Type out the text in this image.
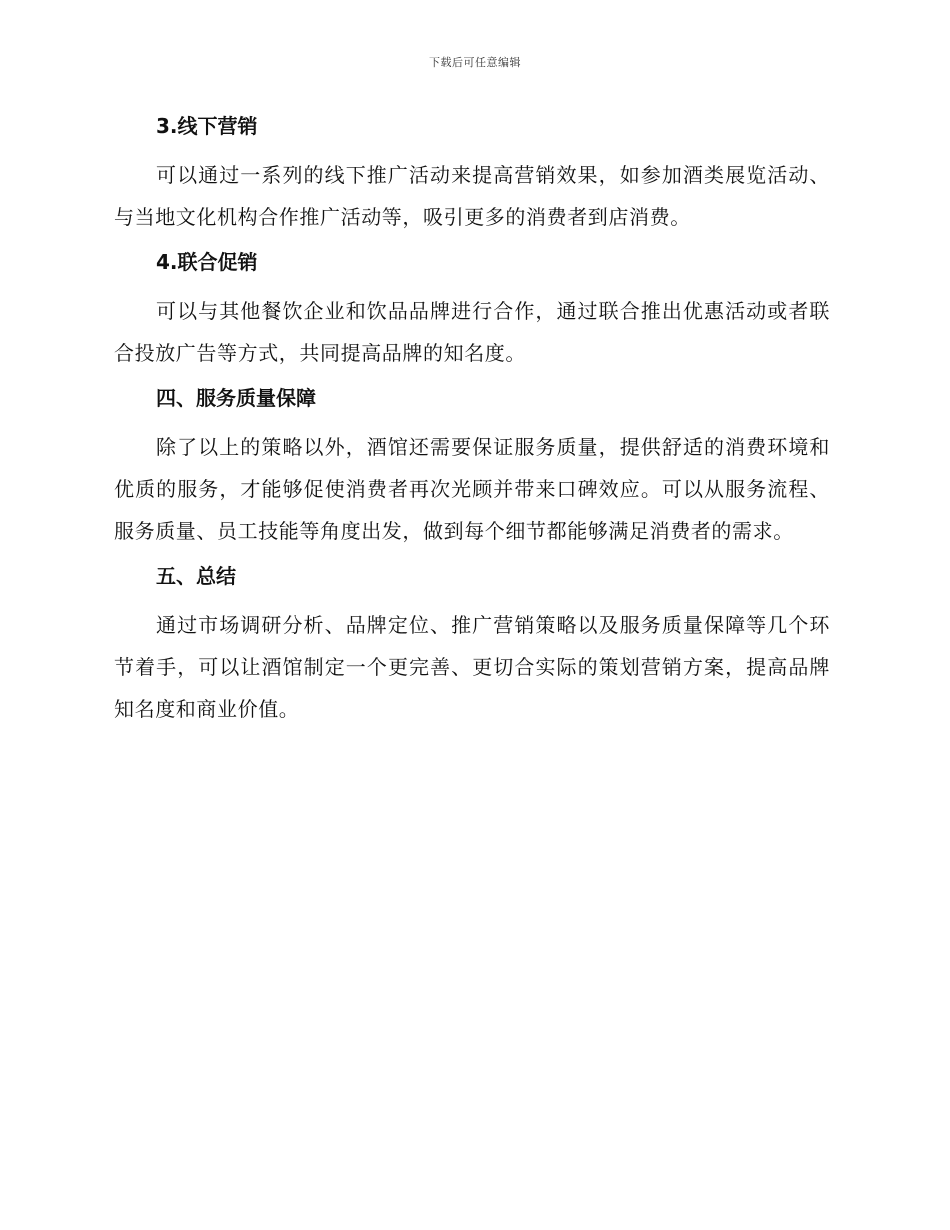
下载后可任意编辑
3.线下营销
可以通过一系列的线下推广活动来提高营销效果，如参加酒类展览活动、与当地文化机构合作推广活动等，吸引更多的消费者到店消费。
4.联合促销
可以与其他餐饮企业和饮品品牌进行合作，通过联合推出优惠活动或者联合投放广告等方式，共同提高品牌的知名度。
四、服务质量保障
除了以上的策略以外，酒馆还需要保证服务质量，提供舒适的消费环境和优质的服务，才能够促使消费者再次光顾并带来口碑效应。可以从服务流程、服务质量、员工技能等角度出发，做到每个细节都能够满足消费者的需求。
五、总结
通过市场调研分析、品牌定位、推广营销策略以及服务质量保障等几个环节着手，可以让酒馆制定一个更完善、更切合实际的策划营销方案，提高品牌知名度和商业价值。
